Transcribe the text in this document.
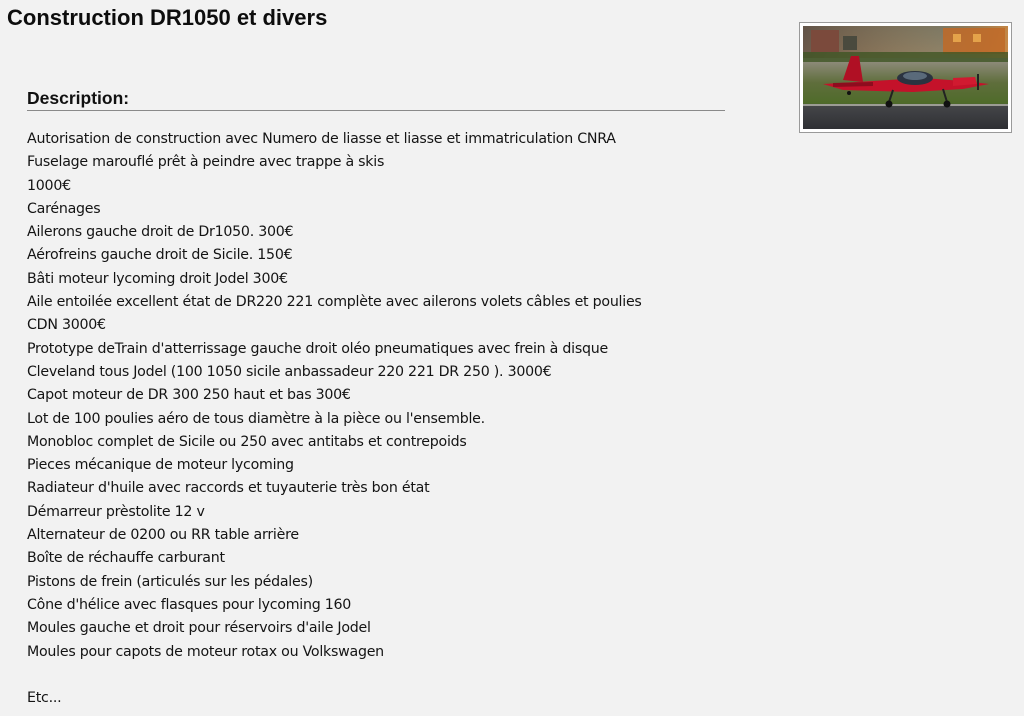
Construction DR1050 et divers
Description:
Autorisation de construction avec Numero de liasse et liasse et immatriculation CNRA
Fuselage marouflé prêt à peindre avec trappe à skis
1000€
Carénages
Ailerons gauche droit de Dr1050. 300€
Aérofreins gauche droit de Sicile. 150€
Bâti moteur lycoming droit Jodel 300€
Aile entoilée excellent état de DR220 221 complète avec ailerons volets câbles et poulies
CDN 3000€
Prototype deTrain d'atterrissage gauche droit oléo pneumatiques avec frein à disque
Cleveland tous Jodel (100 1050 sicile anbassadeur 220 221 DR 250 ). 3000€
Capot moteur de DR 300 250 haut et bas 300€
Lot de 100 poulies aéro de tous diamètre à la pièce ou l'ensemble.
Monobloc complet de Sicile ou 250 avec antitabs et contrepoids
Pieces mécanique de moteur lycoming
Radiateur d'huile avec raccords et tuyauterie très bon état
Démarreur prèstolite 12 v
Alternateur de 0200 ou RR table arrière
Boîte de réchauffe carburant
Pistons de frein (articulés sur les pédales)
Cône d'hélice avec flasques pour lycoming 160
Moules gauche et droit pour réservoirs d'aile Jodel
Moules pour capots de moteur rotax ou Volkswagen
Etc...
